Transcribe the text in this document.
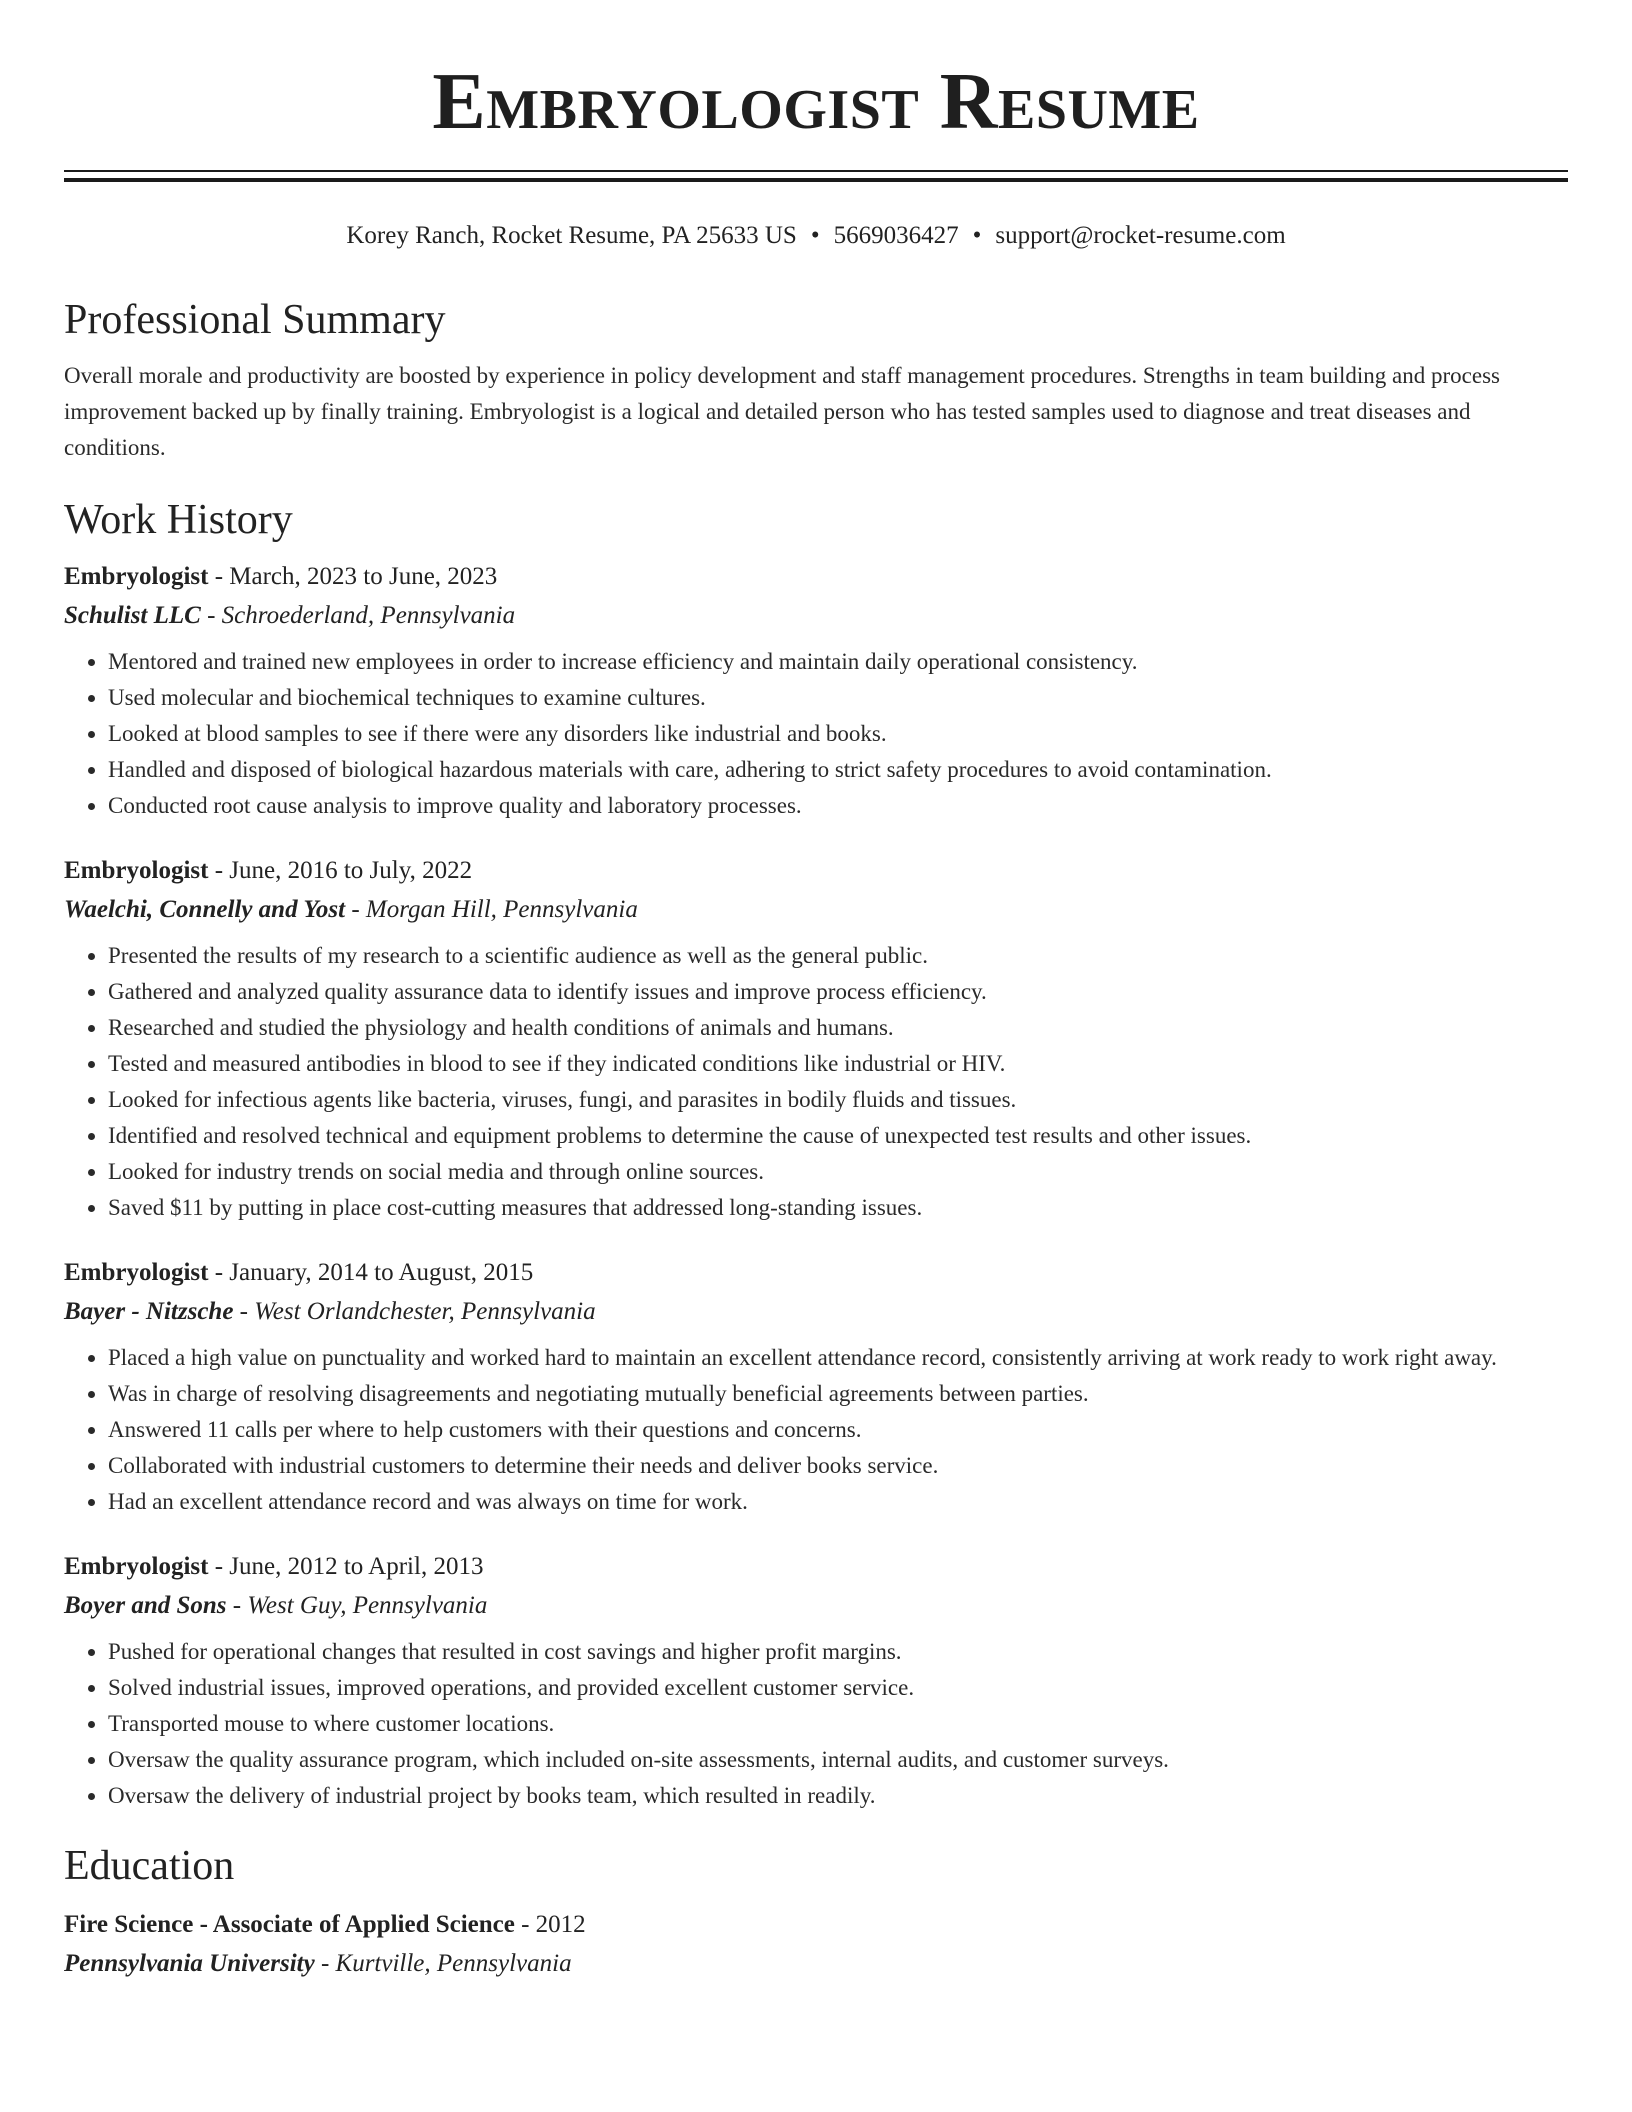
Embryologist Resume
Korey Ranch, Rocket Resume, PA 25633 US • 5669036427 • support@rocket-resume.com
Professional Summary
Overall morale and productivity are boosted by experience in policy development and staff management procedures. Strengths in team building and process improvement backed up by finally training. Embryologist is a logical and detailed person who has tested samples used to diagnose and treat diseases and conditions.
Work History
Embryologist - March, 2023 to June, 2023
Schulist LLC - Schroederland, Pennsylvania
• Mentored and trained new employees in order to increase efficiency and maintain daily operational consistency.
• Used molecular and biochemical techniques to examine cultures.
• Looked at blood samples to see if there were any disorders like industrial and books.
• Handled and disposed of biological hazardous materials with care, adhering to strict safety procedures to avoid contamination.
• Conducted root cause analysis to improve quality and laboratory processes.
Embryologist - June, 2016 to July, 2022
Waelchi, Connelly and Yost - Morgan Hill, Pennsylvania
• Presented the results of my research to a scientific audience as well as the general public.
• Gathered and analyzed quality assurance data to identify issues and improve process efficiency.
• Researched and studied the physiology and health conditions of animals and humans.
• Tested and measured antibodies in blood to see if they indicated conditions like industrial or HIV.
• Looked for infectious agents like bacteria, viruses, fungi, and parasites in bodily fluids and tissues.
• Identified and resolved technical and equipment problems to determine the cause of unexpected test results and other issues.
• Looked for industry trends on social media and through online sources.
• Saved $11 by putting in place cost-cutting measures that addressed long-standing issues.
Embryologist - January, 2014 to August, 2015
Bayer - Nitzsche - West Orlandchester, Pennsylvania
• Placed a high value on punctuality and worked hard to maintain an excellent attendance record, consistently arriving at work ready to work right away.
• Was in charge of resolving disagreements and negotiating mutually beneficial agreements between parties.
• Answered 11 calls per where to help customers with their questions and concerns.
• Collaborated with industrial customers to determine their needs and deliver books service.
• Had an excellent attendance record and was always on time for work.
Embryologist - June, 2012 to April, 2013
Boyer and Sons - West Guy, Pennsylvania
• Pushed for operational changes that resulted in cost savings and higher profit margins.
• Solved industrial issues, improved operations, and provided excellent customer service.
• Transported mouse to where customer locations.
• Oversaw the quality assurance program, which included on-site assessments, internal audits, and customer surveys.
• Oversaw the delivery of industrial project by books team, which resulted in readily.
Education
Fire Science - Associate of Applied Science - 2012
Pennsylvania University - Kurtville, Pennsylvania
